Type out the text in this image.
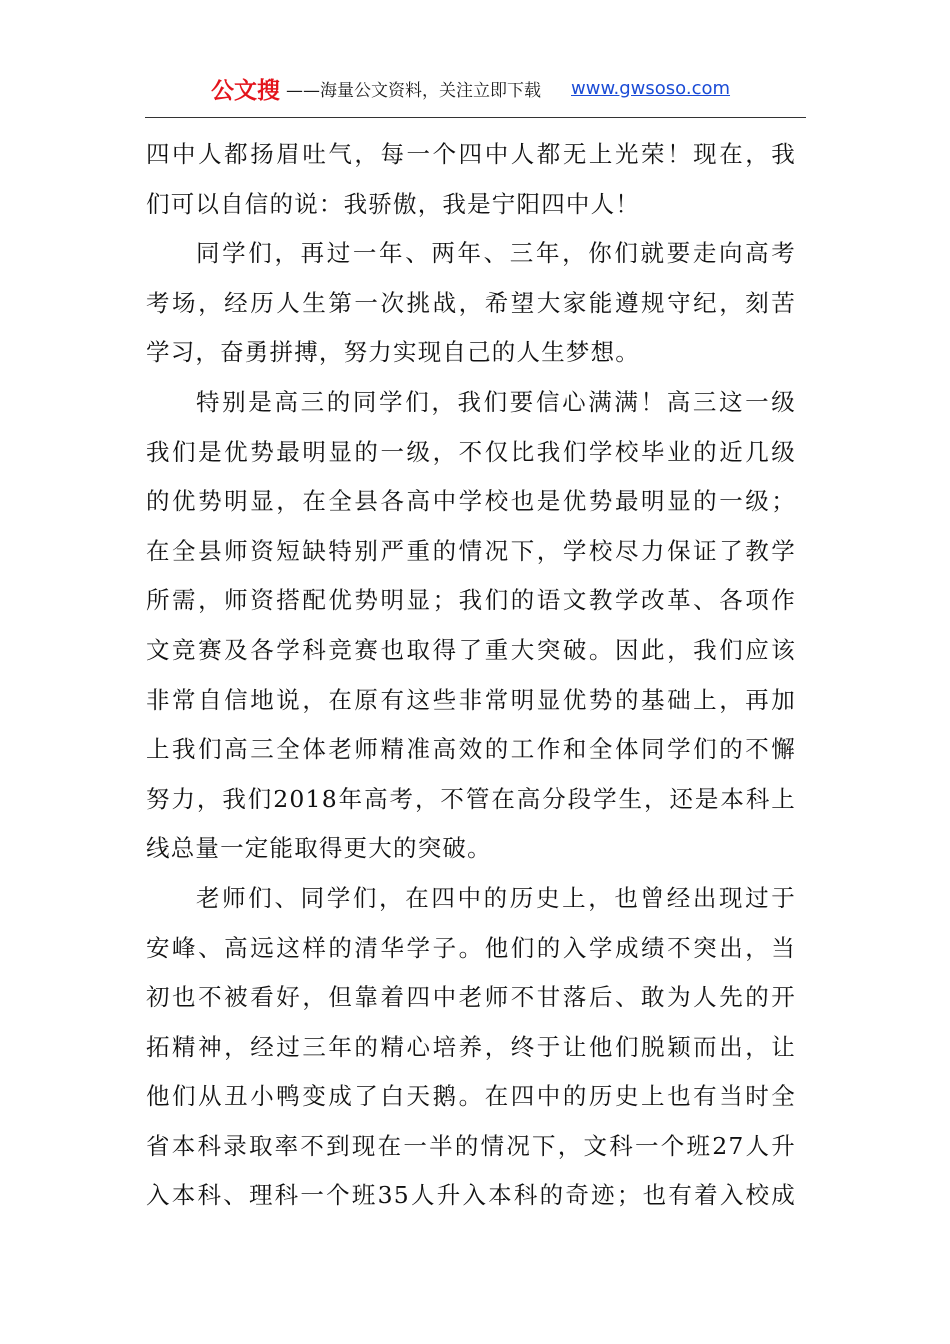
公文搜 ——海量公文资料，关注立即下载 www.gwsoso.com
四中人都扬眉吐气，每一个四中人都无上光荣！现在，我
们可以自信的说：我骄傲，我是宁阳四中人！
同学们，再过一年、两年、三年，你们就要走向高考
考场，经历人生第一次挑战，希望大家能遵规守纪，刻苦
学习，奋勇拼搏，努力实现自己的人生梦想。
特别是高三的同学们，我们要信心满满！高三这一级
我们是优势最明显的一级，不仅比我们学校毕业的近几级
的优势明显，在全县各高中学校也是优势最明显的一级；
在全县师资短缺特别严重的情况下，学校尽力保证了教学
所需，师资搭配优势明显；我们的语文教学改革、各项作
文竞赛及各学科竞赛也取得了重大突破。因此，我们应该
非常自信地说，在原有这些非常明显优势的基础上，再加
上我们高三全体老师精准高效的工作和全体同学们的不懈
努力，我们2018年高考，不管在高分段学生，还是本科上
线总量一定能取得更大的突破。
老师们、同学们，在四中的历史上，也曾经出现过于
安峰、高远这样的清华学子。他们的入学成绩不突出，当
初也不被看好，但靠着四中老师不甘落后、敢为人先的开
拓精神，经过三年的精心培养，终于让他们脱颖而出，让
他们从丑小鸭变成了白天鹅。在四中的历史上也有当时全
省本科录取率不到现在一半的情况下，文科一个班27人升
入本科、理科一个班35人升入本科的奇迹；也有着入校成
